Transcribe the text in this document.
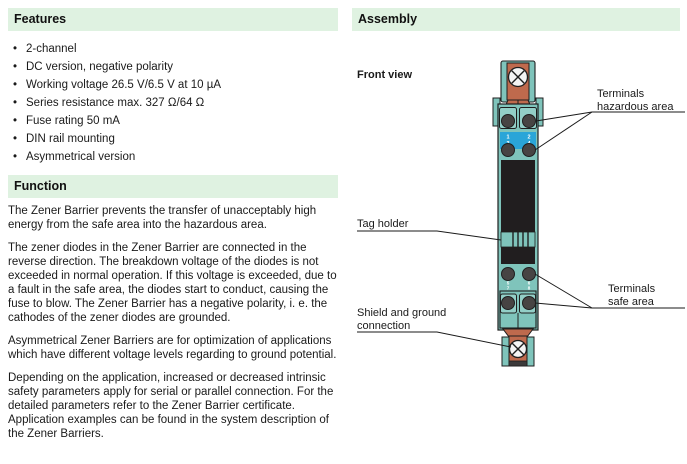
Features
• 2-channel
• DC version, negative polarity
• Working voltage 26.5 V/6.5 V at 10 µA
• Series resistance max. 327 Ω/64 Ω
• Fuse rating 50 mA
• DIN rail mounting
• Asymmetrical version
Function

The Zener Barrier prevents the transfer of unacceptably high energy from the safe area into the hazardous area.

The zener diodes in the Zener Barrier are connected in the reverse direction. The breakdown voltage of the diodes is not exceeded in normal operation. If this voltage is exceeded, due to a fault in the safe area, the diodes start to conduct, causing the fuse to blow. The Zener Barrier has a negative polarity, i. e. the cathodes of the zener diodes are grounded.

Asymmetrical Zener Barriers are for optimization of applications which have different voltage levels regarding to ground potential.

Depending on the application, increased or decreased intrinsic safety parameters apply for serial or parallel connection. For the detailed parameters refer to the Zener Barrier certificate. Application examples can be found in the system description of the Zener Barriers.

Assembly
Front view
1	2
5
7
6
8
Terminals
hazardous area
Tag holder
Shield and ground
connection
Terminals
safe area
